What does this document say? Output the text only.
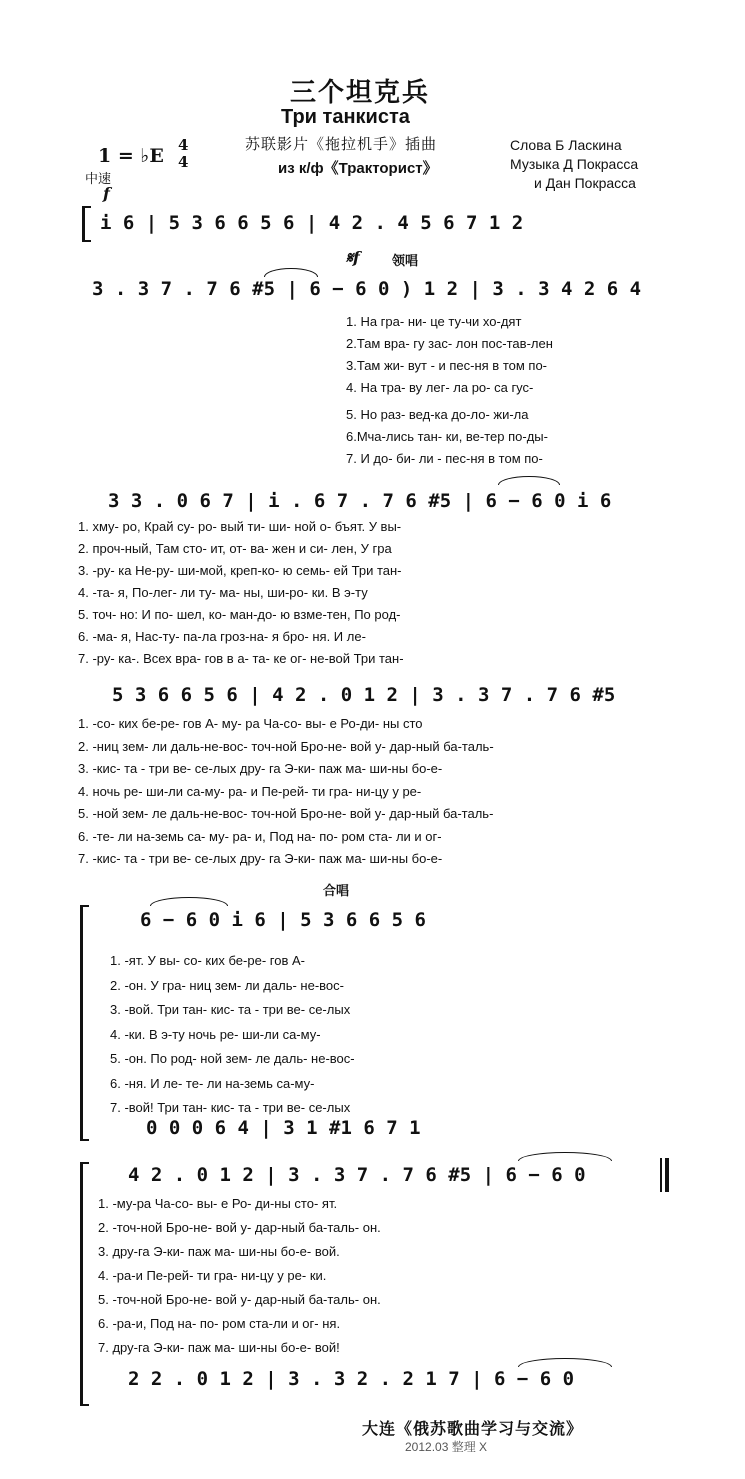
三个坦克兵
Три танкиста
苏联影片《拖拉机手》插曲
из к/ф《Тракторист》
Слова Б Ласкина
Музыка Д Покрасса
и Дан Покрасса
1 = ♭E 4
4
中速
f
𝄋f 领唱
i 6 | 5 3 6 6 5 6 | 4 2 . 4 5 6 7 1 2
3 . 3 7 . 7 6 #5 | 6 − 6 0 ) 1 2 | 3 . 3 4 2 6 4
1. На гра- ни- це ту-чи хо-дят
2.Там вра- гу зас- лон пос-тав-лен
3.Там жи- вут - и пес-ня в том по-
4. На тра- ву лег- ла ро- са гус-
5. Но раз- вед-ка до-ло- жи-ла
6.Мча-лись тан- ки, ве-тер по-ды-
7. И до- би- ли - пес-ня в том по-
3 3 . 0 6 7 | i . 6 7 . 7 6 #5 | 6 − 6 0 i 6
1. хму- ро, Край су- ро- вый ти- ши- ной о- бъят. У вы-
2. проч-ный, Там сто- ит, от- ва- жен и си- лен, У гра
3. -ру- ка Не-ру- ши-мой, креп-ко- ю семь- ей Три тан-
4. -та- я, По-лег- ли ту- ма- ны, ши-ро- ки. В э-ту
5. точ- но: И по- шел, ко- ман-до- ю взме-тен, По род-
6. -ма- я, Нас-ту- па-ла гроз-на- я бро- ня. И ле-
7. -ру- ка-. Всех вра- гов в а- та- ке ог- не-вой Три тан-
5 3 6 6 5 6 | 4 2 . 0 1 2 | 3 . 3 7 . 7 6 #5
1. -со- ких бе-ре- гов А- му- ра Ча-со- вы- е Ро-ди- ны сто
2. -ниц зем- ли даль-не-вос- точ-ной Бро-не- вой у- дар-ный ба-таль-
3. -кис- та - три ве- се-лых дру- га Э-ки- паж ма- ши-ны бо-е-
4. ночь ре- ши-ли са-му- ра- и Пе-рей- ти гра- ни-цу у ре-
5. -ной зем- ле даль-не-вос- точ-ной Бро-не- вой у- дар-ный ба-таль-
6. -те- ли на-земь са- му- ра- и, Под на- по- ром ста- ли и ог-
7. -кис- та - три ве- се-лых дру- га Э-ки- паж ма- ши-ны бо-е-
合唱
6 − 6 0 i 6 | 5 3 6 6 5 6
1. -ят. У вы- со- ких бе-ре- гов А-
2. -он. У гра- ниц зем- ли даль- не-вос-
3. -вой. Три тан- кис- та - три ве- се-лых
4. -ки. В э-ту ночь ре- ши-ли са-му-
5. -он. По род- ной зем- ле даль- не-вос-
6. -ня. И ле- те- ли на-земь са-му-
7. -вой! Три тан- кис- та - три ве- се-лых
0 0 0 6 4 | 3 1 #1 6 7 1
4 2 . 0 1 2 | 3 . 3 7 . 7 6 #5 | 6 − 6 0
1. -му-ра Ча-со- вы- е Ро- ди-ны сто- ят.
2. -точ-ной Бро-не- вой у- дар-ный ба-таль- он.
3. дру-га Э-ки- паж ма- ши-ны бо-е- вой.
4. -ра-и Пе-рей- ти гра- ни-цу у ре- ки.
5. -точ-ной Бро-не- вой у- дар-ный ба-таль- он.
6. -ра-и, Под на- по- ром ста-ли и ог- ня.
7. дру-га Э-ки- паж ма- ши-ны бо-е- вой!
2 2 . 0 1 2 | 3 . 3 2 . 2 1 7 | 6 − 6 0
大连《俄苏歌曲学习与交流》
2012.03 整理 X
